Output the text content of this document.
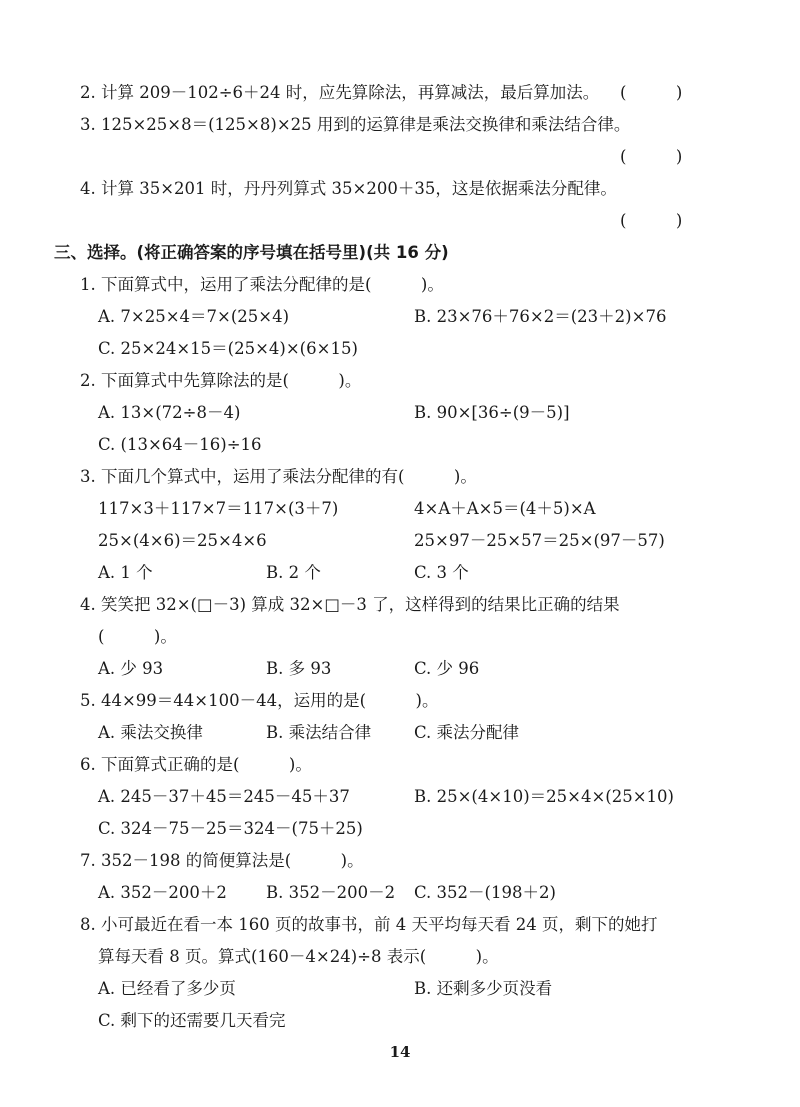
2. 计算 209－102÷6＋24 时，应先算除法，再算减法，最后算加法。 (　　　)
3. 125×25×8＝(125×8)×25 用到的运算律是乘法交换律和乘法结合律。
(　　　)
4. 计算 35×201 时，丹丹列算式 35×200＋35，这是依据乘法分配律。
(　　　)
三、选择。(将正确答案的序号填在括号里)(共 16 分)
1. 下面算式中，运用了乘法分配律的是(　　　)。
A. 7×25×4＝7×(25×4)	B. 23×76＋76×2＝(23＋2)×76
C. 25×24×15＝(25×4)×(6×15)
2. 下面算式中先算除法的是(　　　)。
A. 13×(72÷8－4)	B. 90×[36÷(9－5)]
C. (13×64－16)÷16
3. 下面几个算式中，运用了乘法分配律的有(　　　)。
117×3＋117×7＝117×(3＋7)	4×A＋A×5＝(4＋5)×A
25×(4×6)＝25×4×6	25×97－25×57＝25×(97－57)
A. 1 个	B. 2 个	C. 3 个
4. 笑笑把 32×(□－3) 算成 32×□－3 了，这样得到的结果比正确的结果
(　　　)。
A. 少 93	B. 多 93	C. 少 96
5. 44×99＝44×100－44，运用的是(　　　)。
A. 乘法交换律	B. 乘法结合律	C. 乘法分配律
6. 下面算式正确的是(　　　)。
A. 245－37＋45＝245－45＋37	B. 25×(4×10)＝25×4×(25×10)
C. 324－75－25＝324－(75＋25)
7. 352－198 的简便算法是(　　　)。
A. 352－200＋2 B. 352－200－2 C. 352－(198＋2)
8. 小可最近在看一本 160 页的故事书，前 4 天平均每天看 24 页，剩下的她打
算每天看 8 页。算式(160－4×24)÷8 表示(　　　)。
A. 已经看了多少页	B. 还剩多少页没看
C. 剩下的还需要几天看完
14
